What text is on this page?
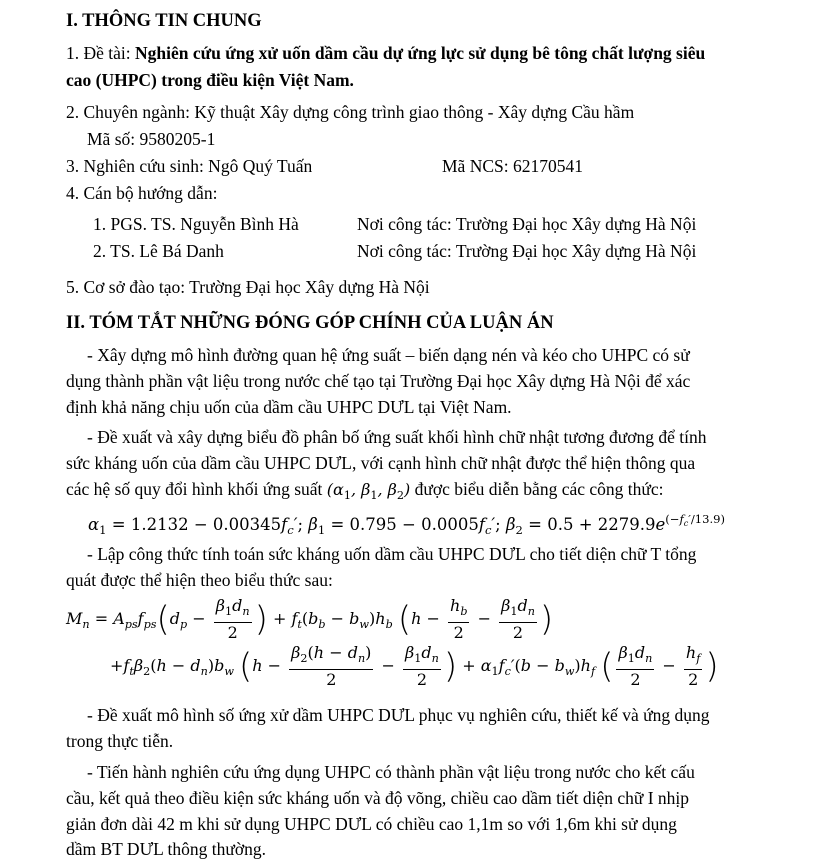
I. THÔNG TIN CHUNG
1. Đề tài: Nghiên cứu ứng xử uốn dầm cầu dự ứng lực sử dụng bê tông chất lượng siêu
cao (UHPC) trong điều kiện Việt Nam.
2. Chuyên ngành: Kỹ thuật Xây dựng công trình giao thông - Xây dựng Cầu hầm
Mã số: 9580205-1
3. Nghiên cứu sinh: Ngô Quý Tuấn	Mã NCS: 62170541
4. Cán bộ hướng dẫn:
1. PGS. TS. Nguyễn Bình Hà	Nơi công tác: Trường Đại học Xây dựng Hà Nội
2. TS. Lê Bá Danh	Nơi công tác: Trường Đại học Xây dựng Hà Nội
5. Cơ sở đào tạo: Trường Đại học Xây dựng Hà Nội
II. TÓM TẮT NHỮNG ĐÓNG GÓP CHÍNH CỦA LUẬN ÁN
- Xây dựng mô hình đường quan hệ ứng suất – biến dạng nén và kéo cho UHPC có sử
dụng thành phần vật liệu trong nước chế tạo tại Trường Đại học Xây dựng Hà Nội để xác
định khả năng chịu uốn của dầm cầu UHPC DƯL tại Việt Nam.
- Đề xuất và xây dựng biểu đồ phân bố ứng suất khối hình chữ nhật tương đương để tính
sức kháng uốn của dầm cầu UHPC DƯL, với cạnh hình chữ nhật được thể hiện thông qua
các hệ số quy đổi hình khối ứng suất ($\alpha_1$, $\beta_1$, $\beta_2$) được biểu diễn bằng các công thức:
$\alpha_1 = 1.2132 - 0.00345f_c'$; $\beta_1 = 0.795 - 0.0005f_c'$; $\beta_2 = 0.5 + 2279.9e^{(-f_c'/13.9)}$
- Lập công thức tính toán sức kháng uốn dầm cầu UHPC DƯL cho tiết diện chữ T tổng
quát được thể hiện theo biểu thức sau:
$M_n = A_{ps}f_{ps}(d_p - \frac{\beta_1d_n}{2}$ ) + $f_t(b_b - b_w)h_b$ ($h - \frac{h_b}{2} - \frac{\beta_1d_n}{2}$ )
$+f_t\beta_2(h - d_n)b_w$ ($h - \frac{\beta_2(h - d_n)}{2} - \frac{\beta_1d_n}{2}$ ) + $\alpha_1f_c'(b - b_w)h_f$ ( $\frac{\beta_1d_n}{2} - \frac{h_f}{2}$ )
- Đề xuất mô hình số ứng xử dầm UHPC DƯL phục vụ nghiên cứu, thiết kế và ứng dụng
trong thực tiễn.
- Tiến hành nghiên cứu ứng dụng UHPC có thành phần vật liệu trong nước cho kết cấu
cầu, kết quả theo điều kiện sức kháng uốn và độ võng, chiều cao dầm tiết diện chữ I nhịp
giản đơn dài 42 m khi sử dụng UHPC DƯL có chiều cao 1,1m so với 1,6m khi sử dụng
dầm BT DƯL thông thường.
